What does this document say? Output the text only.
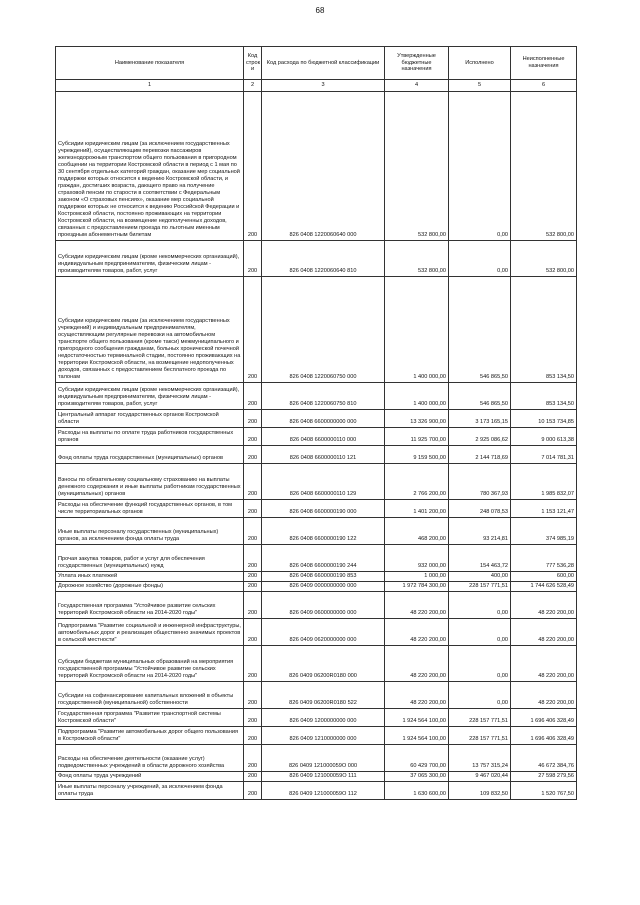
68
Наименование показателя	Код строк и	Код расхода по бюджетной классификации	Утвержденные бюджетные назначения	Исполнено	Неисполненные назначения
1	2	3	4	5	6
Субсидии юридическим лицам (за исключением государственных учреждений), осуществляющим перевозки пассажиров железнодорожным транспортом общего пользования в пригородном сообщении на территории Костромской области в период с 1 мая по 30 сентября отдельных категорий граждан, оказание мер социальной поддержки которых относится к ведению Костромской области, и граждан, достигших возраста, дающего право на получение страховой пенсии по старости в соответствии с Федеральным законом «О страховых пенсиях», оказание мер социальной поддержки которых не относится к ведению Российской Федерации и Костромской области, постоянно проживающих на территории Костромской области, на возмещение недополученных доходов, связанных с предоставлением проезда по льготным именным проездным абонементным билетам	200	826 0408 1220060640 000	532 800,00	0,00	532 800,00
Субсидии юридическим лицам (кроме некоммерческих организаций), индивидуальным предпринимателям, физическим лицам - производителям товаров, работ, услуг	200	826 0408 1220060640 810	532 800,00	0,00	532 800,00
Субсидии юридическим лицам (за исключением государственных учреждений) и индивидуальным предпринимателям, осуществляющим регулярные перевозки на автомобильном транспорте общего пользования (кроме такси) межмуниципального и пригородного сообщения гражданам, больных хронической почечной недостаточностью терминальной стадии, постоянно проживающих на территории Костромской области, на возмещение недополученных доходов, связанных с предоставлением бесплатного проезда по талонам	200	826 0408 1220060750 000	1 400 000,00	546 865,50	853 134,50
Субсидии юридическим лицам (кроме некоммерческих организаций), индивидуальным предпринимателям, физическим лицам - производителям товаров, работ, услуг	200	826 0408 1220060750 810	1 400 000,00	546 865,50	853 134,50
Центральный аппарат государственных органов Костромской области	200	826 0408 6600000000 000	13 326 900,00	3 173 165,15	10 153 734,85
Расходы на выплаты по оплате труда работников государственных органов	200	826 0408 6600000110 000	11 925 700,00	2 925 086,62	9 000 613,38
Фонд оплаты труда государственных (муниципальных) органов	200	826 0408 6600000110 121	9 159 500,00	2 144 718,69	7 014 781,31
Взносы по обязательному социальному страхованию на выплаты денежного содержания и иные выплаты работникам государственных (муниципальных) органов	200	826 0408 6600000110 129	2 766 200,00	780 367,93	1 985 832,07
Расходы на обеспечение функций государственных органов, в том числе территориальных органов	200	826 0408 6600000190 000	1 401 200,00	248 078,53	1 153 121,47
Иные выплаты персоналу государственных (муниципальных) органов, за исключением фонда оплаты труда	200	826 0408 6600000190 122	468 200,00	93 214,81	374 985,19
Прочая закупка товаров, работ и услуг для обеспечения государственных (муниципальных) нужд	200	826 0408 6600000190 244	932 000,00	154 463,72	777 536,28
Уплата иных платежей	200	826 0408 6600000190 853	1 000,00	400,00	600,00
Дорожное хозяйство (дорожные фонды)	200	826 0409 0000000000 000	1 972 784 300,00	228 157 771,51	1 744 626 528,49
Государственная программа "Устойчивое развитие сельских территорий Костромской области на 2014-2020 годы"	200	826 0409 0600000000 000	48 220 200,00	0,00	48 220 200,00
Подпрограмма "Развитие социальной и инженерной инфраструктуры, автомобильных дорог и реализация общественно значимых проектов в сельской местности"	200	826 0409 0620000000 000	48 220 200,00	0,00	48 220 200,00
Субсидии бюджетам муниципальных образований на мероприятия государственной программы "Устойчивое развитие сельских территорий Костромской области на 2014-2020 годы"	200	826 0409 06200R0180 000	48 220 200,00	0,00	48 220 200,00
Субсидии на софинансирование капитальных вложений в объекты государственной (муниципальной) собственности	200	826 0409 06200R0180 522	48 220 200,00	0,00	48 220 200,00
Государственная программа "Развитие транспортной системы Костромской области"	200	826 0409 1200000000 000	1 924 564 100,00	228 157 771,51	1 696 406 328,49
Подпрограмма "Развитие автомобильных дорог общего пользования в Костромской области"	200	826 0409 1210000000 000	1 924 564 100,00	228 157 771,51	1 696 406 328,49
Расходы на обеспечение деятельности (оказание услуг) подведомственных учреждений в области дорожного хозяйства	200	826 0409 121000059О 000	60 429 700,00	13 757 315,24	46 672 384,76
Фонд оплаты труда учреждений	200	826 0409 121000059О 111	37 065 300,00	9 467 020,44	27 598 279,56
Иные выплаты персоналу учреждений, за исключением фонда оплаты труда	200	826 0409 121000059О 112	1 630 600,00	109 832,50	1 520 767,50
